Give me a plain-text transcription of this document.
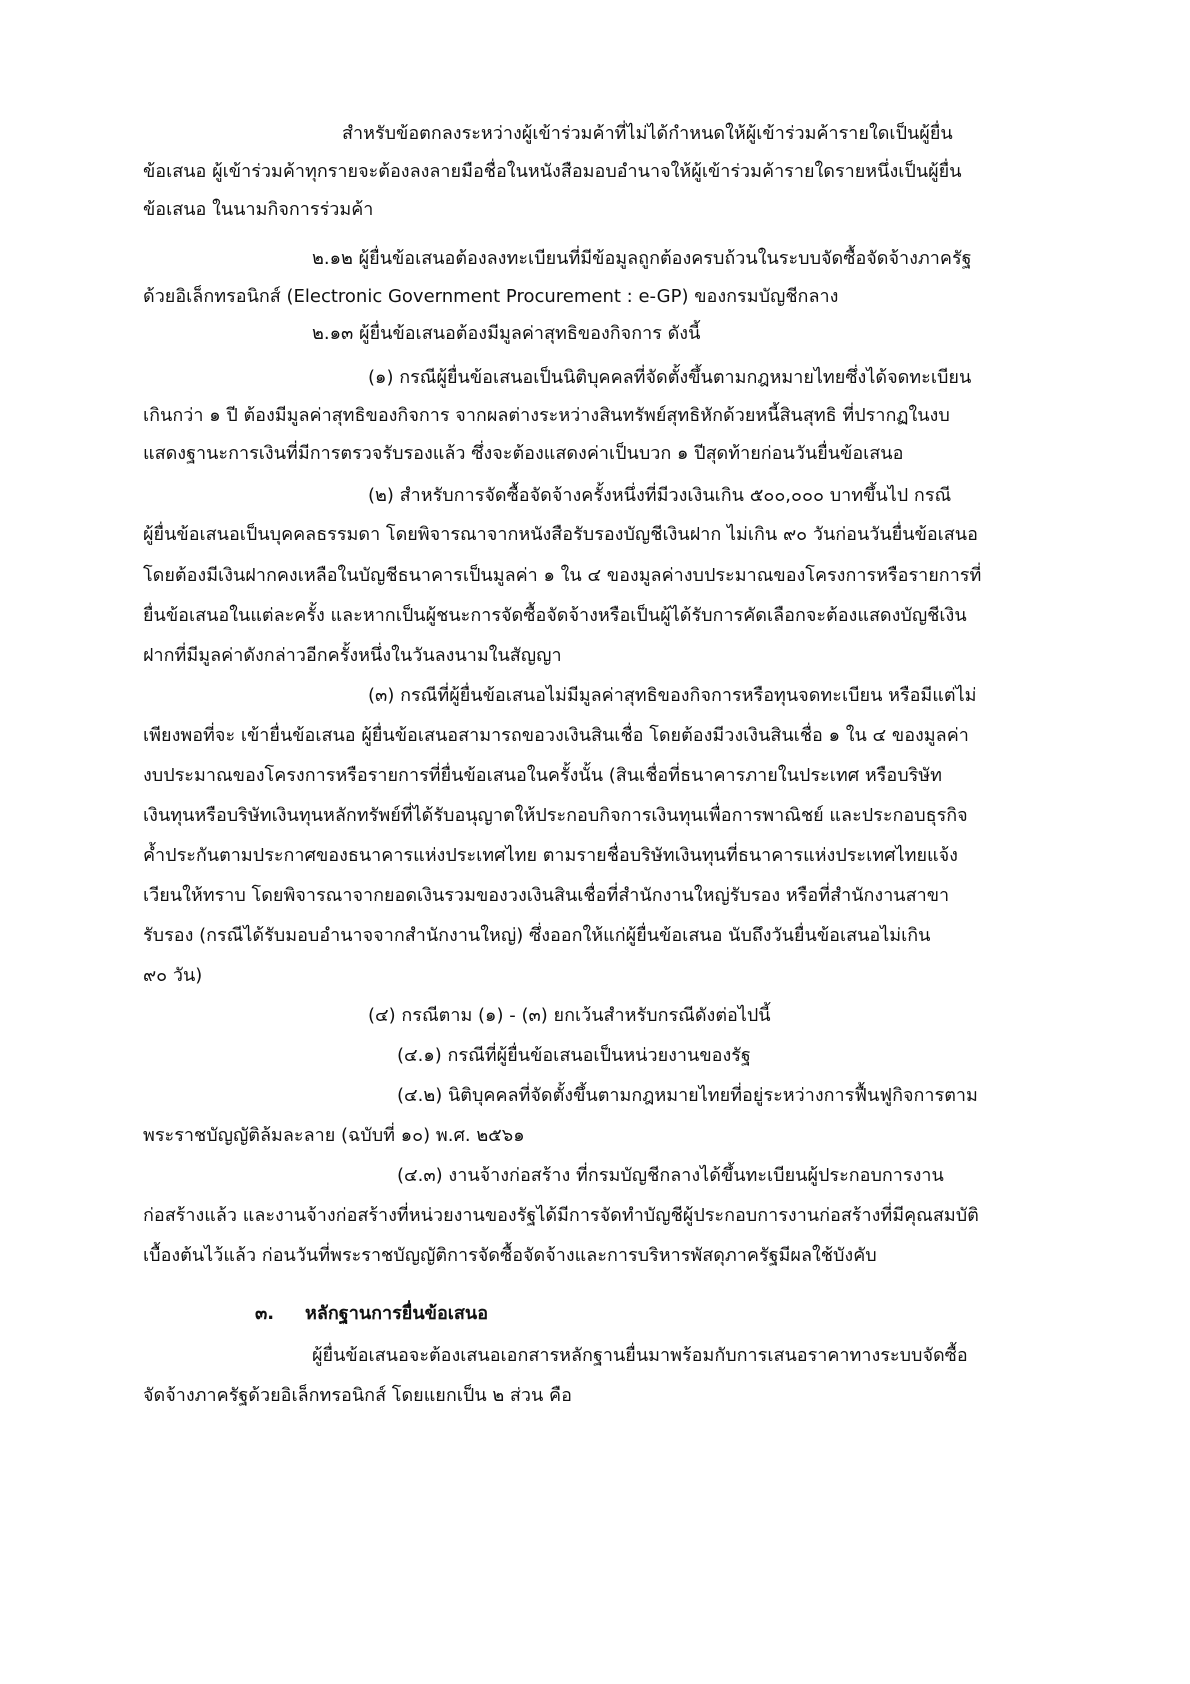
สำหรับข้อตกลงระหว่างผู้เข้าร่วมค้าที่ไม่ได้กำหนดให้ผู้เข้าร่วมค้ารายใดเป็นผู้ยื่น
ข้อเสนอ ผู้เข้าร่วมค้าทุกรายจะต้องลงลายมือชื่อในหนังสือมอบอำนาจให้ผู้เข้าร่วมค้ารายใดรายหนึ่งเป็นผู้ยื่น
ข้อเสนอ ในนามกิจการร่วมค้า
๒.๑๒ ผู้ยื่นข้อเสนอต้องลงทะเบียนที่มีข้อมูลถูกต้องครบถ้วนในระบบจัดซื้อจัดจ้างภาครัฐ
ด้วยอิเล็กทรอนิกส์ (Electronic Government Procurement : e-GP) ของกรมบัญชีกลาง
๒.๑๓ ผู้ยื่นข้อเสนอต้องมีมูลค่าสุทธิของกิจการ ดังนี้
(๑) กรณีผู้ยื่นข้อเสนอเป็นนิติบุคคลที่จัดตั้งขึ้นตามกฎหมายไทยซึ่งได้จดทะเบียน
เกินกว่า ๑ ปี ต้องมีมูลค่าสุทธิของกิจการ จากผลต่างระหว่างสินทรัพย์สุทธิหักด้วยหนี้สินสุทธิ ที่ปรากฏในงบ
แสดงฐานะการเงินที่มีการตรวจรับรองแล้ว ซึ่งจะต้องแสดงค่าเป็นบวก ๑ ปีสุดท้ายก่อนวันยื่นข้อเสนอ
(๒) สำหรับการจัดซื้อจัดจ้างครั้งหนึ่งที่มีวงเงินเกิน ๕๐๐,๐๐๐ บาทขึ้นไป กรณี
ผู้ยื่นข้อเสนอเป็นบุคคลธรรมดา โดยพิจารณาจากหนังสือรับรองบัญชีเงินฝาก ไม่เกิน ๙๐ วันก่อนวันยื่นข้อเสนอ
โดยต้องมีเงินฝากคงเหลือในบัญชีธนาคารเป็นมูลค่า ๑ ใน ๔ ของมูลค่างบประมาณของโครงการหรือรายการที่
ยื่นข้อเสนอในแต่ละครั้ง และหากเป็นผู้ชนะการจัดซื้อจัดจ้างหรือเป็นผู้ได้รับการคัดเลือกจะต้องแสดงบัญชีเงิน
ฝากที่มีมูลค่าดังกล่าวอีกครั้งหนึ่งในวันลงนามในสัญญา
(๓) กรณีที่ผู้ยื่นข้อเสนอไม่มีมูลค่าสุทธิของกิจการหรือทุนจดทะเบียน หรือมีแต่ไม่
เพียงพอที่จะ เข้ายื่นข้อเสนอ ผู้ยื่นข้อเสนอสามารถขอวงเงินสินเชื่อ โดยต้องมีวงเงินสินเชื่อ ๑ ใน ๔ ของมูลค่า
งบประมาณของโครงการหรือรายการที่ยื่นข้อเสนอในครั้งนั้น (สินเชื่อที่ธนาคารภายในประเทศ หรือบริษัท
เงินทุนหรือบริษัทเงินทุนหลักทรัพย์ที่ได้รับอนุญาตให้ประกอบกิจการเงินทุนเพื่อการพาณิชย์ และประกอบธุรกิจ
ค้ำประกันตามประกาศของธนาคารแห่งประเทศไทย ตามรายชื่อบริษัทเงินทุนที่ธนาคารแห่งประเทศไทยแจ้ง
เวียนให้ทราบ โดยพิจารณาจากยอดเงินรวมของวงเงินสินเชื่อที่สำนักงานใหญ่รับรอง หรือที่สำนักงานสาขา
รับรอง (กรณีได้รับมอบอำนาจจากสำนักงานใหญ่) ซึ่งออกให้แก่ผู้ยื่นข้อเสนอ นับถึงวันยื่นข้อเสนอไม่เกิน
๙๐ วัน)
(๔) กรณีตาม (๑) - (๓) ยกเว้นสำหรับกรณีดังต่อไปนี้
(๔.๑) กรณีที่ผู้ยื่นข้อเสนอเป็นหน่วยงานของรัฐ
(๔.๒) นิติบุคคลที่จัดตั้งขึ้นตามกฎหมายไทยที่อยู่ระหว่างการฟื้นฟูกิจการตาม
พระราชบัญญัติล้มละลาย (ฉบับที่ ๑๐) พ.ศ. ๒๕๖๑
(๔.๓) งานจ้างก่อสร้าง ที่กรมบัญชีกลางได้ขึ้นทะเบียนผู้ประกอบการงาน
ก่อสร้างแล้ว และงานจ้างก่อสร้างที่หน่วยงานของรัฐได้มีการจัดทำบัญชีผู้ประกอบการงานก่อสร้างที่มีคุณสมบัติ
เบื้องต้นไว้แล้ว ก่อนวันที่พระราชบัญญัติการจัดซื้อจัดจ้างและการบริหารพัสดุภาครัฐมีผลใช้บังคับ
๓. หลักฐานการยื่นข้อเสนอ
ผู้ยื่นข้อเสนอจะต้องเสนอเอกสารหลักฐานยื่นมาพร้อมกับการเสนอราคาทางระบบจัดซื้อ
จัดจ้างภาครัฐด้วยอิเล็กทรอนิกส์ โดยแยกเป็น ๒ ส่วน คือ
